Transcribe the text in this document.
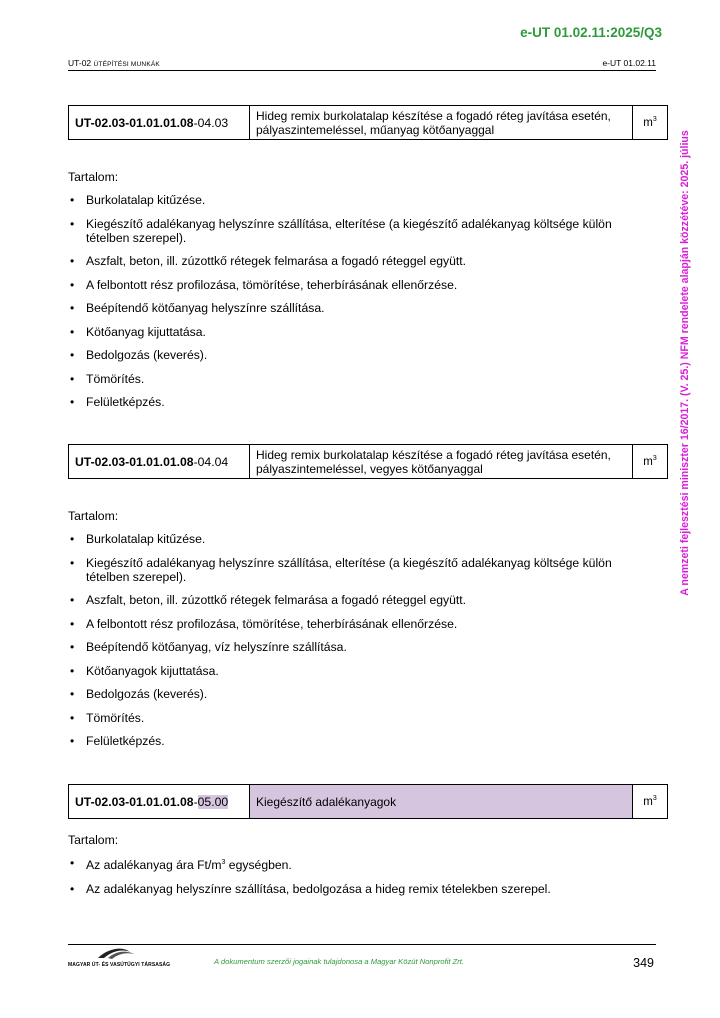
e-UT 01.02.11:2025/Q3
UT-02 ÚTÉPÍTÉSI MUNKÁK	e-UT 01.02.11
A nemzeti fejlesztési miniszter 16/2017. (V. 25.) NFM rendelete alapján közzétéve: 2025. július
UT-02.03-01.01.01.08-04.03	Hideg remix burkolatalap készítése a fogadó réteg javítása esetén, pályaszintemeléssel, műanyag kötőanyaggal	$m^3$
Tartalom:
• Burkolatalap kitűzése.
• Kiegészítő adalékanyag helyszínre szállítása, elterítése (a kiegészítő adalékanyag költsége külön tételben szerepel).
• Aszfalt, beton, ill. zúzottkő rétegek felmarása a fogadó réteggel együtt.
• A felbontott rész profilozása, tömörítése, teherbírásának ellenőrzése.
• Beépítendő kötőanyag helyszínre szállítása.
• Kötőanyag kijuttatása.
• Bedolgozás (keverés).
• Tömörítés.
• Felületképzés.
UT-02.03-01.01.01.08-04.04	Hideg remix burkolatalap készítése a fogadó réteg javítása esetén, pályaszintemeléssel, vegyes kötőanyaggal	$m^3$
Tartalom:
• Burkolatalap kitűzése.
• Kiegészítő adalékanyag helyszínre szállítása, elterítése (a kiegészítő adalékanyag költsége külön tételben szerepel).
• Aszfalt, beton, ill. zúzottkő rétegek felmarása a fogadó réteggel együtt.
• A felbontott rész profilozása, tömörítése, teherbírásának ellenőrzése.
• Beépítendő kötőanyag, víz helyszínre szállítása.
• Kötőanyagok kijuttatása.
• Bedolgozás (keverés).
• Tömörítés.
• Felületképzés.
UT-02.03-01.01.01.08-05.00	Kiegészítő adalékanyagok	$m^3$
Tartalom:
• Az adalékanyag ára $Ft/m^3$ egységben.
• Az adalékanyag helyszínre szállítása, bedolgozása a hideg remix tételekben szerepel.
MAGYAR ÚT- ÉS VASÚTÜGYI TÁRSASÁG	A dokumentum szerzői jogainak tulajdonosa a Magyar Közút Nonprofit Zrt.	349
